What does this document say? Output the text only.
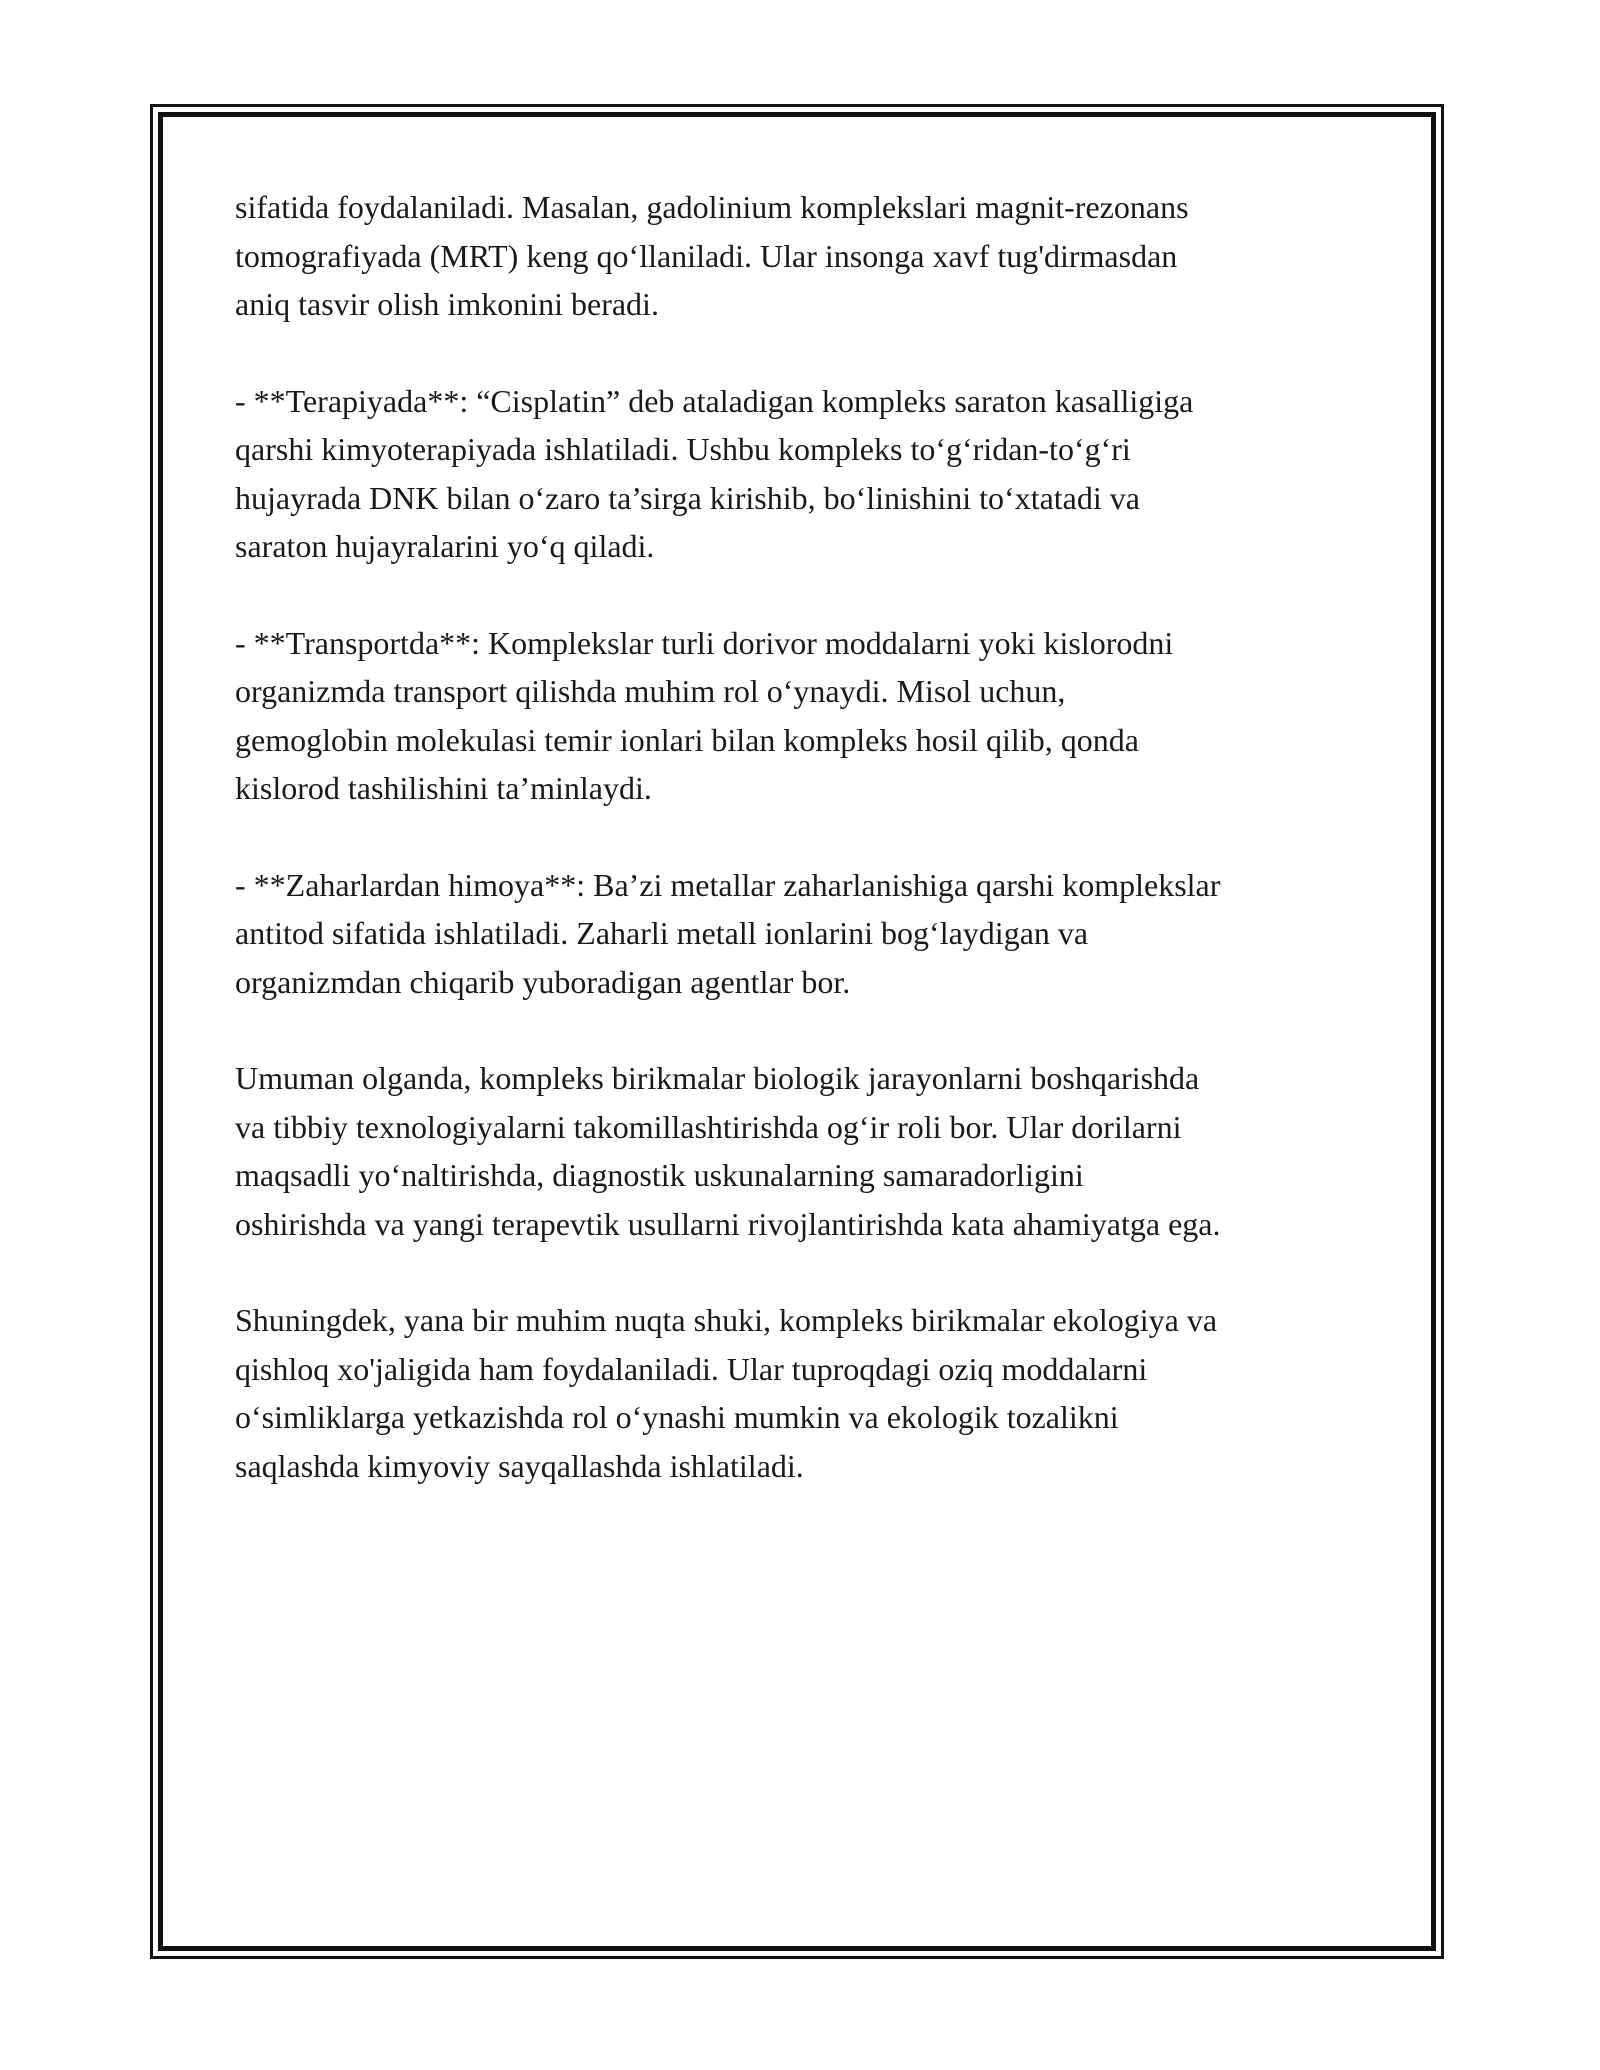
sifatida foydalaniladi. Masalan, gadolinium komplekslari magnit-rezonans
tomografiyada (MRT) keng qo‘llaniladi. Ular insonga xavf tug'dirmasdan
aniq tasvir olish imkonini beradi.

- **Terapiyada**: “Cisplatin” deb ataladigan kompleks saraton kasalligiga
qarshi kimyoterapiyada ishlatiladi. Ushbu kompleks to‘g‘ridan-to‘g‘ri
hujayrada DNK bilan o‘zaro ta’sirga kirishib, bo‘linishini to‘xtatadi va
saraton hujayralarini yo‘q qiladi.

- **Transportda**: Komplekslar turli dorivor moddalarni yoki kislorodni
organizmda transport qilishda muhim rol o‘ynaydi. Misol uchun,
gemoglobin molekulasi temir ionlari bilan kompleks hosil qilib, qonda
kislorod tashilishini ta’minlaydi.

- **Zaharlardan himoya**: Ba’zi metallar zaharlanishiga qarshi komplekslar
antitod sifatida ishlatiladi. Zaharli metall ionlarini bog‘laydigan va
organizmdan chiqarib yuboradigan agentlar bor.

Umuman olganda, kompleks birikmalar biologik jarayonlarni boshqarishda
va tibbiy texnologiyalarni takomillashtirishda og‘ir roli bor. Ular dorilarni
maqsadli yo‘naltirishda, diagnostik uskunalarning samaradorligini
oshirishda va yangi terapevtik usullarni rivojlantirishda kata ahamiyatga ega.

Shuningdek, yana bir muhim nuqta shuki, kompleks birikmalar ekologiya va
qishloq xo'jaligida ham foydalaniladi. Ular tuproqdagi oziq moddalarni
o‘simliklarga yetkazishda rol o‘ynashi mumkin va ekologik tozalikni
saqlashda kimyoviy sayqallashda ishlatiladi.
